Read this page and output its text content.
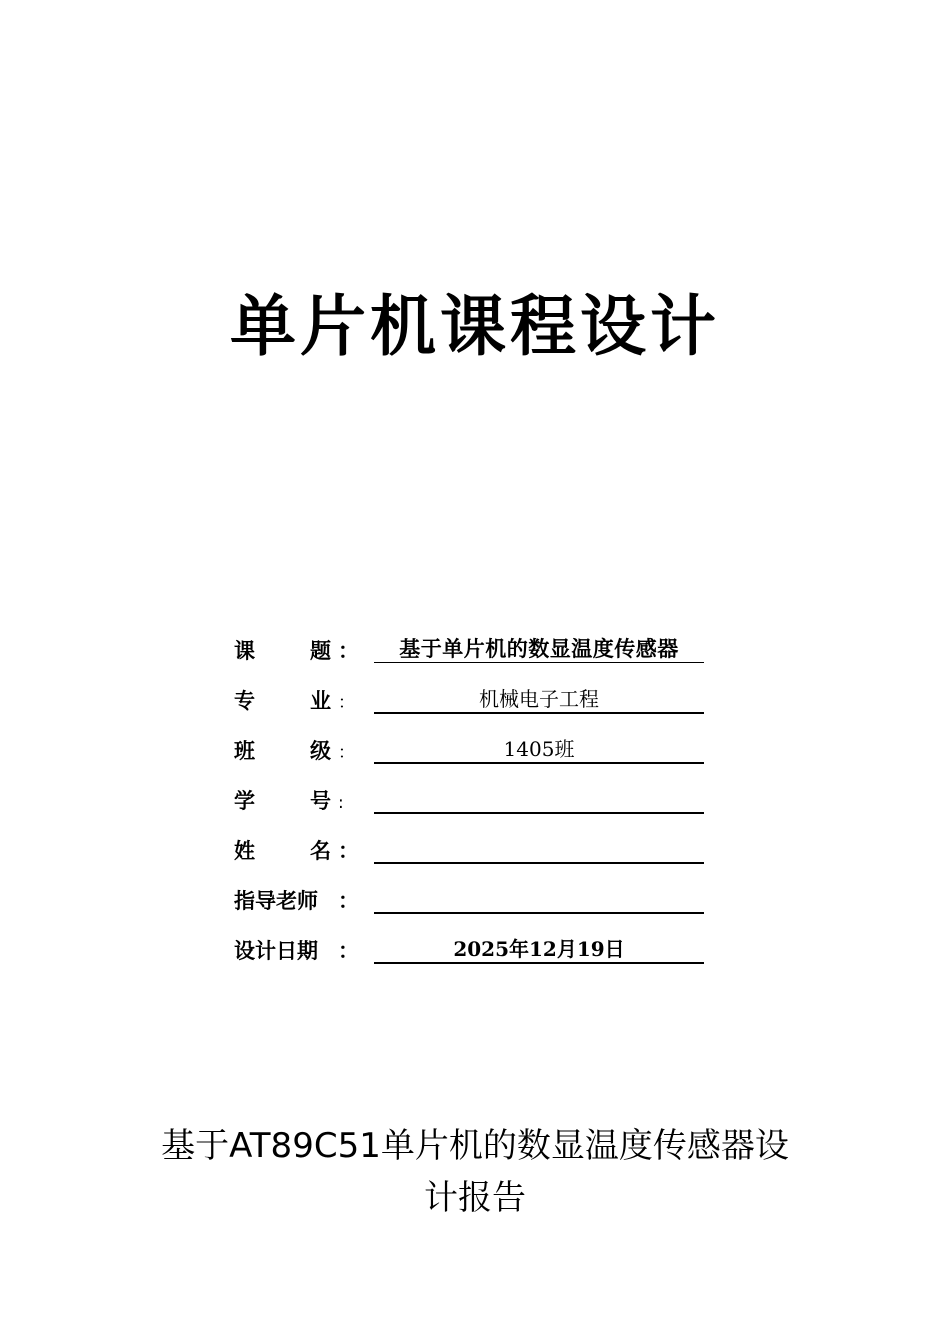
单片机课程设计
课	题 ：	基于单片机的数显温度传感器
专	业 ：	机械电子工程
班	级 ：	1405班
学	号 :
姓	名 ：
指导老师 ：
设计日期 ：	2025年12月19日
基于AT89C51单片机的数显温度传感器设
计报告
